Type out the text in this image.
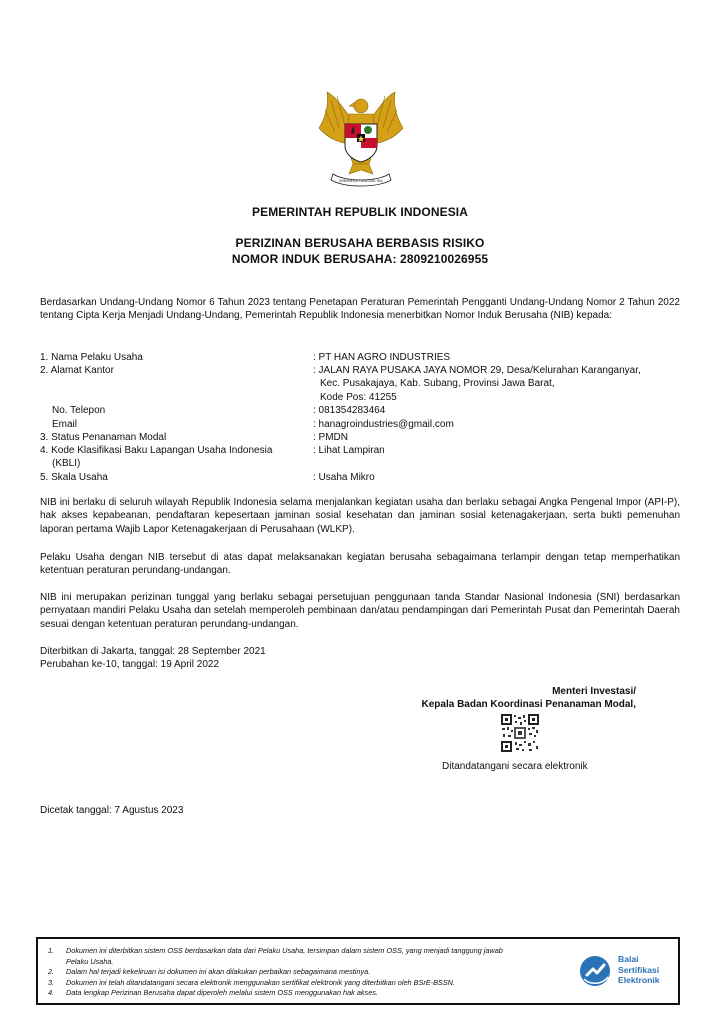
BHINNEKA TUNGGAL IKA
PEMERINTAH REPUBLIK INDONESIA
PERIZINAN BERUSAHA BERBASIS RISIKO
NOMOR INDUK BERUSAHA: 2809210026955
Berdasarkan Undang-Undang Nomor 6 Tahun 2023 tentang Penetapan Peraturan Pemerintah Pengganti Undang-Undang Nomor 2 Tahun 2022 tentang Cipta Kerja Menjadi Undang-Undang, Pemerintah Republik Indonesia menerbitkan Nomor Induk Berusaha (NIB) kepada:
1. Nama Pelaku Usaha	: PT HAN AGRO INDUSTRIES
2. Alamat Kantor	: JALAN RAYA PUSAKA JAYA NOMOR 29, Desa/Kelurahan Karanganyar,
Kec. Pusakajaya, Kab. Subang, Provinsi Jawa Barat,
Kode Pos: 41255
No. Telepon	: 081354283464
Email	: hanagroindustries@gmail.com
3. Status Penanaman Modal	: PMDN
4. Kode Klasifikasi Baku Lapangan Usaha Indonesia
(KBLI)
: Lihat Lampiran
5. Skala Usaha	: Usaha Mikro
NIB ini berlaku di seluruh wilayah Republik Indonesia selama menjalankan kegiatan usaha dan berlaku sebagai Angka Pengenal Impor (API-P), hak akses kepabeanan, pendaftaran kepesertaan jaminan sosial kesehatan dan jaminan sosial ketenagakerjaan, serta bukti pemenuhan laporan pertama Wajib Lapor Ketenagakerjaan di Perusahaan (WLKP).
Pelaku Usaha dengan NIB tersebut di atas dapat melaksanakan kegiatan berusaha sebagaimana terlampir dengan tetap memperhatikan ketentuan peraturan perundang-undangan.
NIB ini merupakan perizinan tunggal yang berlaku sebagai persetujuan penggunaan tanda Standar Nasional Indonesia (SNI) berdasarkan pernyataan mandiri Pelaku Usaha dan setelah memperoleh pembinaan dan/atau pendampingan dari Pemerintah Pusat dan Pemerintah Daerah sesuai dengan ketentuan peraturan perundang-undangan.
Diterbitkan di Jakarta, tanggal: 28 September 2021
Perubahan ke-10, tanggal: 19 April 2022
Menteri Investasi/
Kepala Badan Koordinasi Penanaman Modal,
Ditandatangani secara elektronik
Dicetak tanggal: 7 Agustus 2023
1. Dokumen ini diterbitkan sistem OSS berdasarkan data dari Pelaku Usaha, tersimpan dalam sistem OSS, yang menjadi tanggung jawab
Pelaku Usaha.
2. Dalam hal terjadi kekeliruan isi dokumen ini akan dilakukan perbaikan sebagaimana mestinya.
3. Dokumen ini telah ditandatangani secara elektronik menggunakan sertifikat elektronik yang diterbitkan oleh BSrE-BSSN.
4. Data lengkap Perizinan Berusaha dapat diperoleh melalui sistem OSS menggunakan hak akses.
Balai
Sertifikasi
Elektronik
